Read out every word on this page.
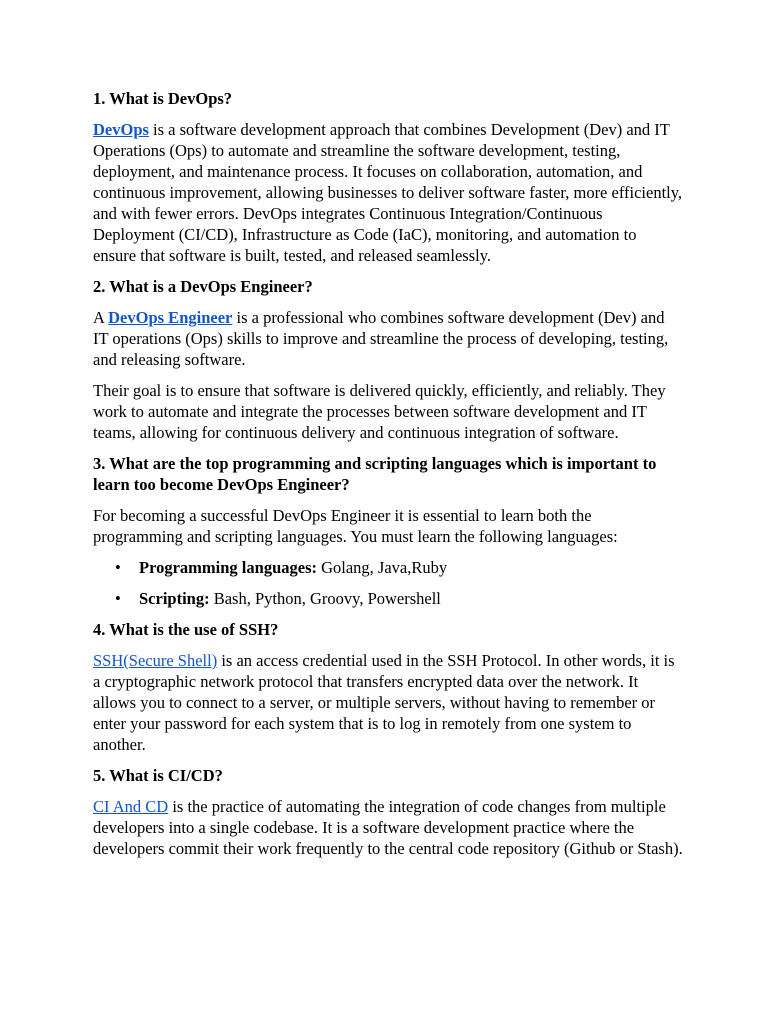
1. What is DevOps?
DevOps is a software development approach that combines Development (Dev) and IT Operations (Ops) to automate and streamline the software development, testing, deployment, and maintenance process. It focuses on collaboration, automation, and continuous improvement, allowing businesses to deliver software faster, more efficiently, and with fewer errors. DevOps integrates Continuous Integration/Continuous Deployment (CI/CD), Infrastructure as Code (IaC), monitoring, and automation to ensure that software is built, tested, and released seamlessly.
2. What is a DevOps Engineer?
A DevOps Engineer is a professional who combines software development (Dev) and IT operations (Ops) skills to improve and streamline the process of developing, testing, and releasing software.
Their goal is to ensure that software is delivered quickly, efficiently, and reliably. They work to automate and integrate the processes between software development and IT teams, allowing for continuous delivery and continuous integration of software.
3. What are the top programming and scripting languages which is important to learn too become DevOps Engineer?
For becoming a successful DevOps Engineer it is essential to learn both the programming and scripting languages. You must learn the following languages:
• Programming languages: Golang, Java,Ruby
• Scripting: Bash, Python, Groovy, Powershell
4. What is the use of SSH?
SSH(Secure Shell) is an access credential used in the SSH Protocol. In other words, it is a cryptographic network protocol that transfers encrypted data over the network. It allows you to connect to a server, or multiple servers, without having to remember or enter your password for each system that is to log in remotely from one system to another.
5. What is CI/CD?
CI And CD is the practice of automating the integration of code changes from multiple developers into a single codebase. It is a software development practice where the developers commit their work frequently to the central code repository (Github or Stash).
